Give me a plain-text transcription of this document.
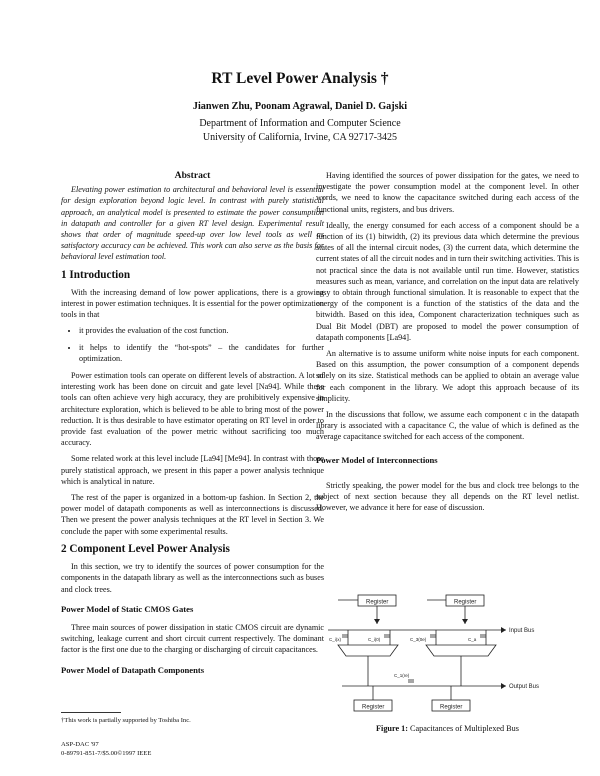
RT Level Power Analysis †
Jianwen Zhu, Poonam Agrawal, Daniel D. Gajski
Department of Information and Computer Science
University of California, Irvine, CA 92717-3425
Abstract

Elevating power estimation to architectural and behavioral level is essential for design exploration beyond logic level. In contrast with purely statistical approach, an analytical model is presented to estimate the power consumption in datapath and controller for a given RT level design. Experimental result shows that order of magnitude speed-up over low level tools as well as satisfactory accuracy can be achieved. This work can also serve as the basis for behavioral level estimation tool.

1 Introduction

With the increasing demand of low power applications, there is a growing interest in power estimation techniques. It is essential for the power optimization tools in that

• it provides the evaluation of the cost function.
• it helps to identify the “hot-spots” – the candidates for further optimization.

Power estimation tools can operate on different levels of abstraction. A lot of interesting work has been done on circuit and gate level [Na94]. While these tools can often achieve very high accuracy, they are prohibitively expensive in architecture exploration, which is believed to be able to bring most of the power reduction. It is thus desirable to have estimator operating on RT level in order to provide fast evaluation of the power metric without sacrificing too much accuracy.

Some related work at this level include [La94] [Me94]. In contrast with those purely statistical approach, we present in this paper a power analysis technique which is analytical in nature.

The rest of the paper is organized in a bottom-up fashion. In Section 2, the power model of datapath components as well as interconnections is discussed. Then we present the power analysis techniques at the RT level in Section 3. We conclude the paper with some experimental results.

2 Component Level Power Analysis

In this section, we try to identify the sources of power consumption for the components in the datapath library as well as the interconnections such as buses and clock trees.

Power Model of Static CMOS Gates

Three main sources of power dissipation in static CMOS circuit are dynamic switching, leakage current and short circuit current respectively. The dominant factor is the first one due to the charging or discharging of circuit capacitances.

Power Model of Datapath Components
†This work is partially supported by Toshiba Inc.
ASP-DAC '97
0-89791-851-7/$5.00©1997 IEEE

Having identified the sources of power dissipation for the gates, we need to investigate the power consumption model at the component level. In other words, we need to know the capacitance switched during each access of the functional units, registers, and bus drivers.

Ideally, the energy consumed for each access of a component should be a function of its (1) bitwidth, (2) its previous data which determine the previous states of all the internal circuit nodes, (3) the current data, which determine the current states of all the circuit nodes and in turn their switching activities. This is not practical since the data is not available until run time. However, statistics measures such as mean, variance, and correlation on the input data are relatively easy to obtain through functional simulation. It is reasonable to expect that the energy of the component is a function of the statistics of the data and the bitwidth. Based on this idea, Component characterization techniques such as Dual Bit Model (DBT) are proposed to model the power consumption of datapath components [La94].

An alternative is to assume uniform white noise inputs for each component. Based on this assumption, the power consumption of a component depends solely on its size. Statistical methods can be applied to obtain an average value for each component in the library. We adopt this approach because of its simplicity.

In the discussions that follow, we assume each component c in the datapath library is associated with a capacitance C, the value of which is defined as the average capacitance switched for each access of the component.

Power Model of Interconnections

Strictly speaking, the power model for the bus and clock tree belongs to the subject of next section because they all depends on the RT level netlist. However, we advance it here for ease of discussion.

Register	Register
Register	Register
Input Bus
Output Bus
C_i(x)	C_i(0)	C_3(0e)	C_a
C_1(re)
Figure 1: Capacitances of Multiplexed Bus
